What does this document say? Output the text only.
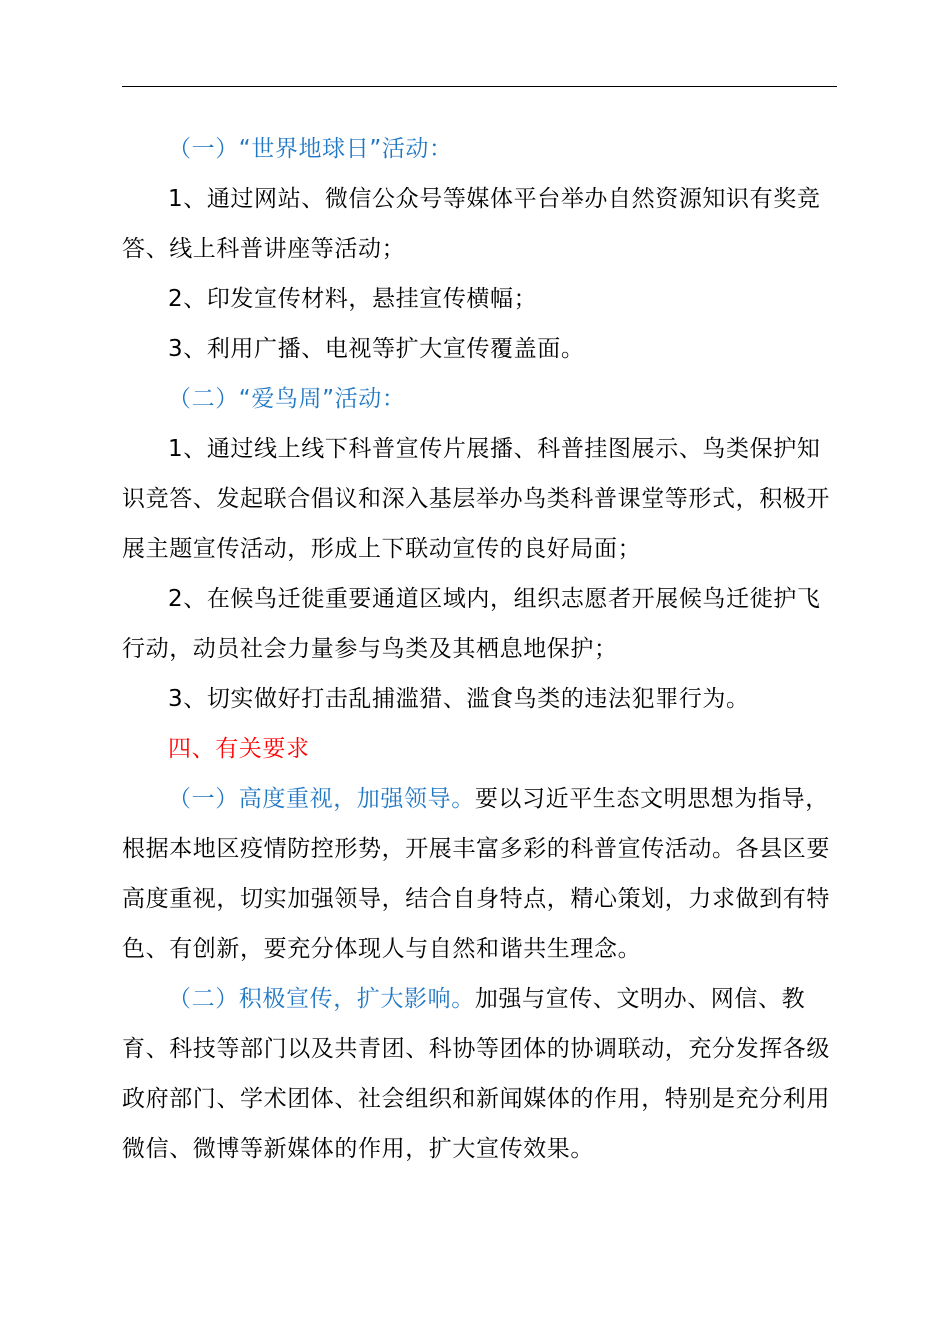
（一）“世界地球日”活动：

1、通过网站、微信公众号等媒体平台举办自然资源知识有奖竞答、线上科普讲座等活动；

2、印发宣传材料，悬挂宣传横幅；

3、利用广播、电视等扩大宣传覆盖面。

（二）“爱鸟周”活动：

1、通过线上线下科普宣传片展播、科普挂图展示、鸟类保护知识竞答、发起联合倡议和深入基层举办鸟类科普课堂等形式，积极开展主题宣传活动，形成上下联动宣传的良好局面；

2、在候鸟迁徙重要通道区域内，组织志愿者开展候鸟迁徙护飞行动，动员社会力量参与鸟类及其栖息地保护；

3、切实做好打击乱捕滥猎、滥食鸟类的违法犯罪行为。

四、有关要求

（一）高度重视，加强领导。要以习近平生态文明思想为指导，根据本地区疫情防控形势，开展丰富多彩的科普宣传活动。各县区要高度重视，切实加强领导，结合自身特点，精心策划，力求做到有特色、有创新，要充分体现人与自然和谐共生理念。

（二）积极宣传，扩大影响。加强与宣传、文明办、网信、教育、科技等部门以及共青团、科协等团体的协调联动，充分发挥各级政府部门、学术团体、社会组织和新闻媒体的作用，特别是充分利用微信、微博等新媒体的作用，扩大宣传效果。
